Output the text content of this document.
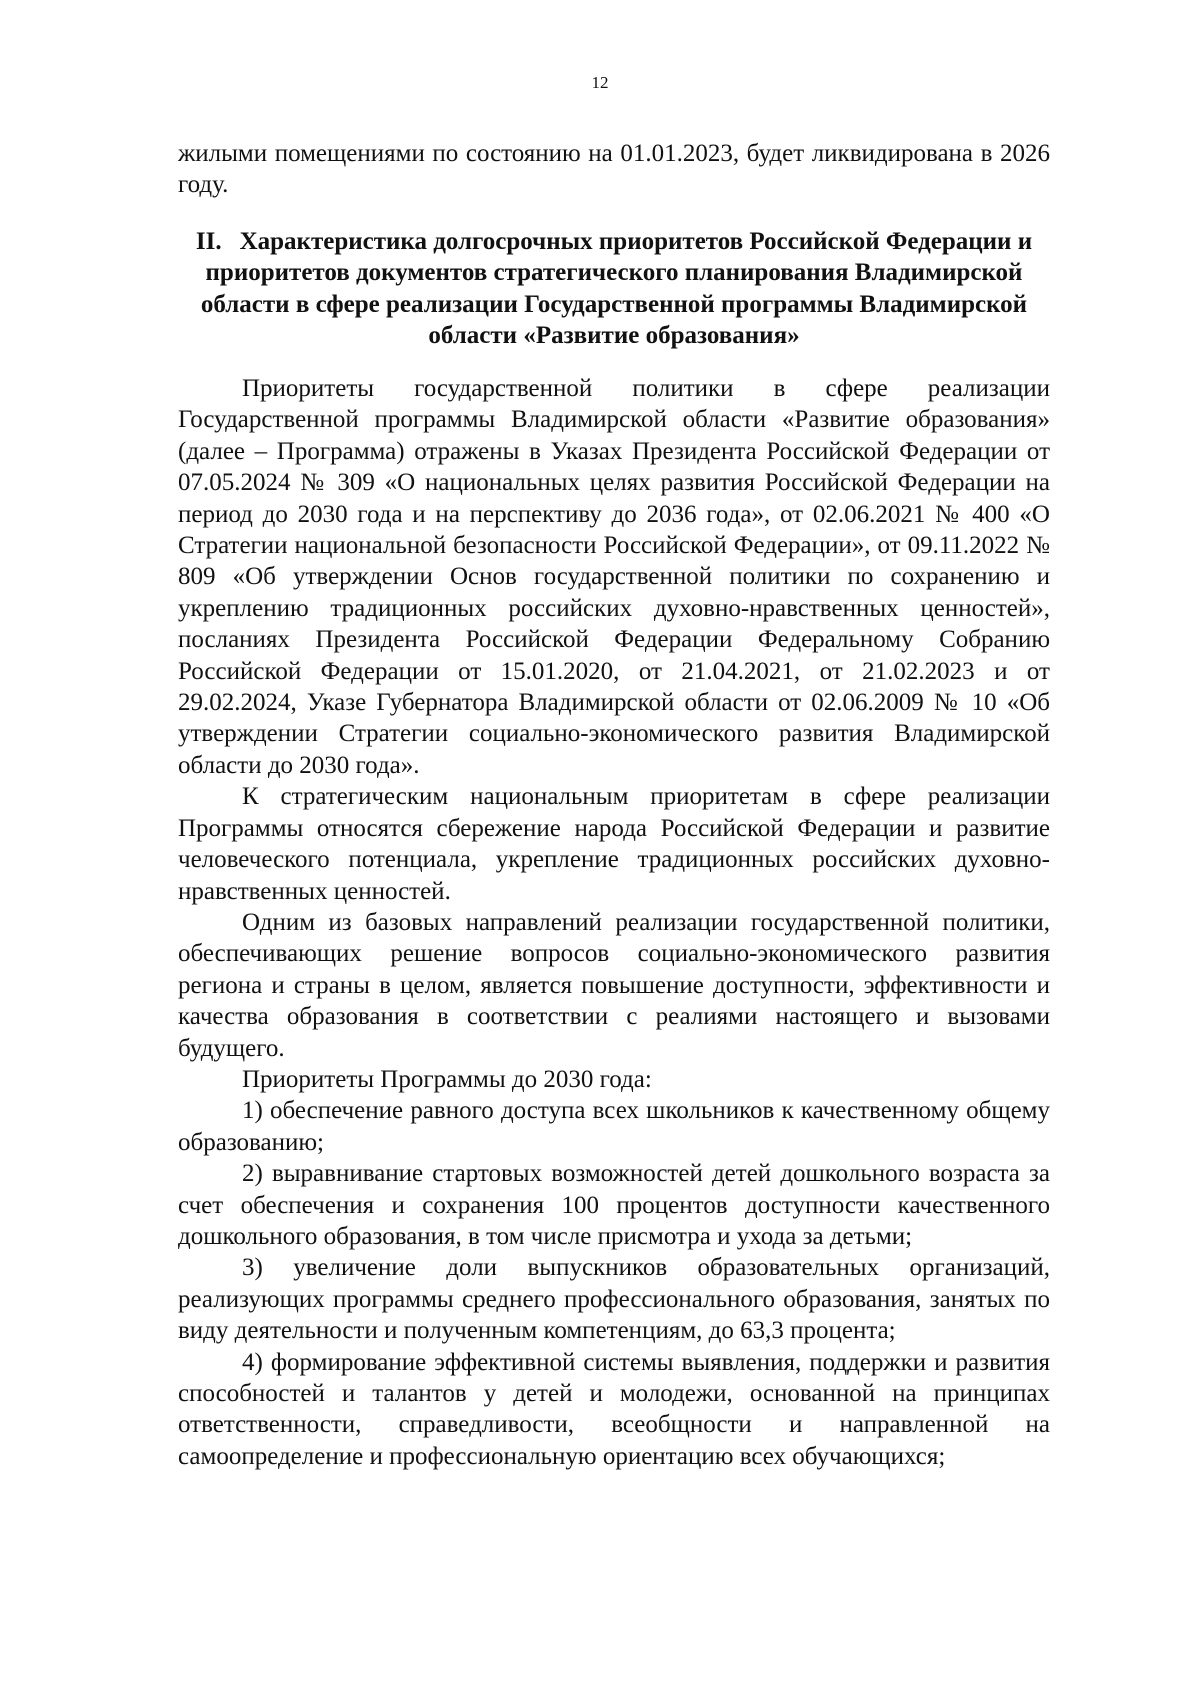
12

жилыми помещениями по состоянию на 01.01.2023, будет ликвидирована в 2026 году.

II. Характеристика долгосрочных приоритетов Российской Федерации и приоритетов документов стратегического планирования Владимирской области в сфере реализации Государственной программы Владимирской области «Развитие образования»

Приоритеты государственной политики в сфере реализации Государственной программы Владимирской области «Развитие образования» (далее – Программа) отражены в Указах Президента Российской Федерации от 07.05.2024 № 309 «О национальных целях развития Российской Федерации на период до 2030 года и на перспективу до 2036 года», от 02.06.2021 № 400 «О Стратегии национальной безопасности Российской Федерации», от 09.11.2022 № 809 «Об утверждении Основ государственной политики по сохранению и укреплению традиционных российских духовно-нравственных ценностей», посланиях Президента Российской Федерации Федеральному Собранию Российской Федерации от 15.01.2020, от 21.04.2021, от 21.02.2023 и от 29.02.2024, Указе Губернатора Владимирской области от 02.06.2009 № 10 «Об утверждении Стратегии социально-экономического развития Владимирской области до 2030 года».

К стратегическим национальным приоритетам в сфере реализации Программы относятся сбережение народа Российской Федерации и развитие человеческого потенциала, укрепление традиционных российских духовно-нравственных ценностей.

Одним из базовых направлений реализации государственной политики, обеспечивающих решение вопросов социально-экономического развития региона и страны в целом, является повышение доступности, эффективности и качества образования в соответствии с реалиями настоящего и вызовами будущего.

Приоритеты Программы до 2030 года:

1) обеспечение равного доступа всех школьников к качественному общему образованию;

2) выравнивание стартовых возможностей детей дошкольного возраста за счет обеспечения и сохранения 100 процентов доступности качественного дошкольного образования, в том числе присмотра и ухода за детьми;

3) увеличение доли выпускников образовательных организаций, реализующих программы среднего профессионального образования, занятых по виду деятельности и полученным компетенциям, до 63,3 процента;

4) формирование эффективной системы выявления, поддержки и развития способностей и талантов у детей и молодежи, основанной на принципах ответственности, справедливости, всеобщности и направленной на самоопределение и профессиональную ориентацию всех обучающихся;
